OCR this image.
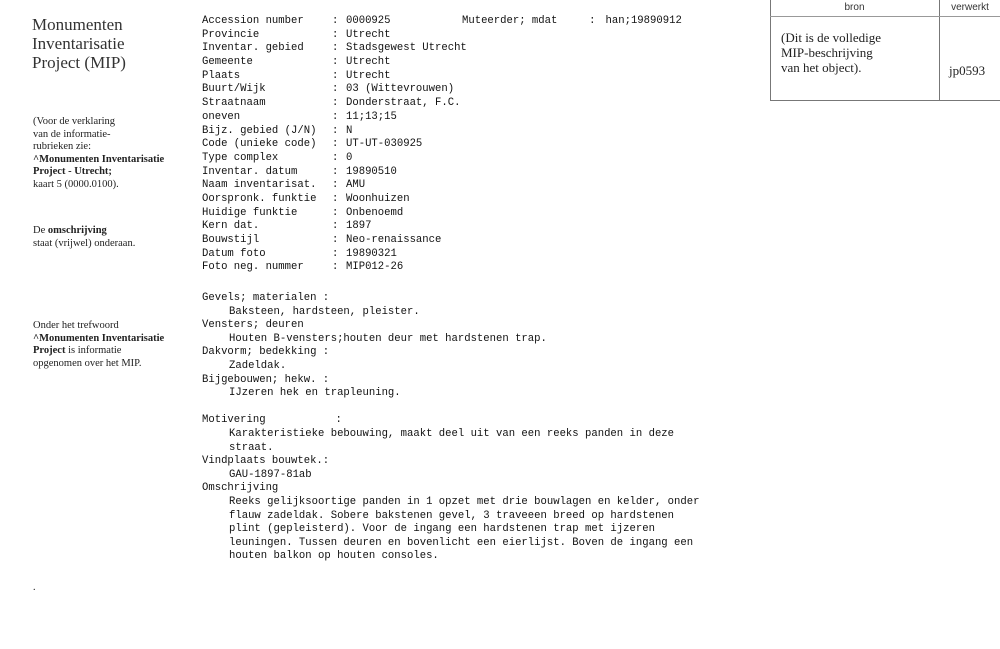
Monumenten
Inventarisatie
Project (MIP)
(Voor de verklaring
van de informatie-
rubrieken zie:
^Monumenten Inventarisatie
Project - Utrecht;
kaart 5 (0000.0100).
De omschrijving
staat (vrijwel) onderaan.
Onder het trefwoord
^Monumenten Inventarisatie
Project is informatie
opgenomen over het MIP.
.
Accession number	: 0000925
Provincie	: Utrecht
Inventar. gebied	: Stadsgewest Utrecht
Gemeente	: Utrecht
Plaats	: Utrecht
Buurt/Wijk	: 03 (Wittevrouwen)
Straatnaam	: Donderstraat, F.C.
oneven	: 11;13;15
Bijz. gebied (J/N) : N
Code (unieke code) : UT-UT-030925
Type complex	: 0
Inventar. datum	: 19890510
Naam inventarisat. : AMU
Oorspronk. funktie : Woonhuizen
Huidige funktie	: Onbenoemd
Kern dat.	: 1897
Bouwstijl	: Neo-renaissance
Datum foto	: 19890321
Foto neg. nummer	: MIP012-26
Muteerder; mdat	: han;19890912
Gevels; materialen :
Baksteen, hardsteen, pleister.
Vensters; deuren
Houten B-vensters;houten deur met hardstenen trap.
Dakvorm; bedekking :
Zadeldak.
Bijgebouwen; hekw. :
IJzeren hek en trapleuning.
Motivering           :
Karakteristieke bebouwing, maakt deel uit van een reeks panden in deze
straat.
Vindplaats bouwtek.:
GAU-1897-81ab
Omschrijving
Reeks gelijksoortige panden in 1 opzet met drie bouwlagen en kelder, onder
flauw zadeldak. Sobere bakstenen gevel, 3 traveeen breed op hardstenen
plint (gepleisterd). Voor de ingang een hardstenen trap met ijzeren
leuningen. Tussen deuren en bovenlicht een eierlijst. Boven de ingang een
houten balkon op houten consoles.
bron	verwerkt
(Dit is de volledige
MIP-beschrijving
van het object).	jp0593
